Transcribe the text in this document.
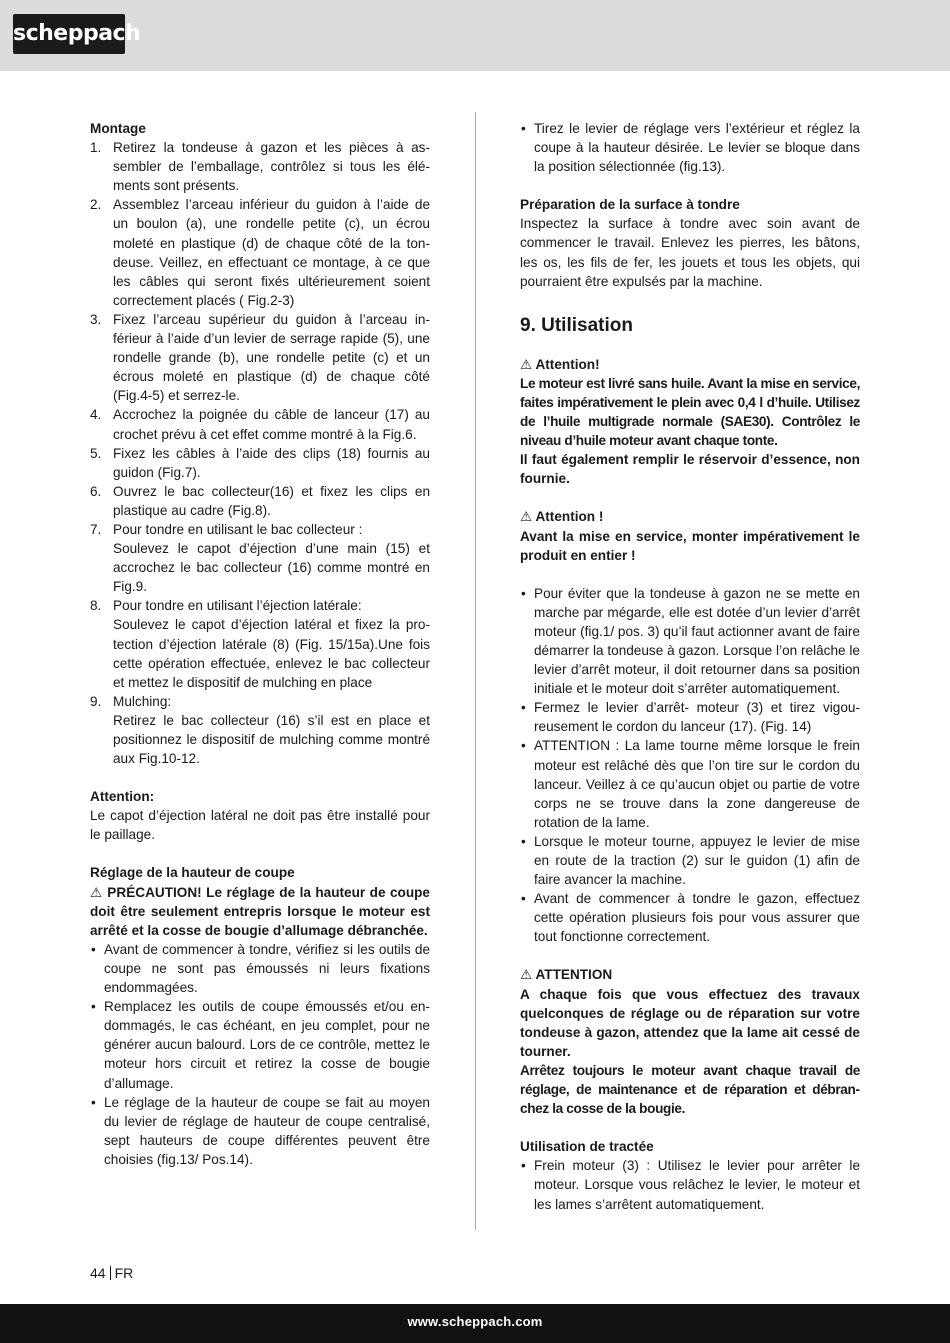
scheppach

Montage

1. Retirez la tondeuse à gazon et les pièces à assembler de l’emballage, contrôlez si tous les éléments sont présents.
2. Assemblez l’arceau inférieur du guidon à l’aide de un boulon (a), une rondelle petite (c), un écrou moleté en plastique (d) de chaque côté de la tondeuse. Veillez, en effectuant ce montage, à ce que les câbles qui seront fixés ultérieurement soient correctement placés ( Fig.2-3)
3. Fixez l’arceau supérieur du guidon à l’arceau inférieur à l’aide d’un levier de serrage rapide (5), une rondelle grande (b), une rondelle petite (c) et un écrous moleté en plastique (d) de chaque côté (Fig.4-5) et serrez-le.
4. Accrochez la poignée du câble de lanceur (17) au crochet prévu à cet effet comme montré à la Fig.6.
5. Fixez les câbles à l’aide des clips (18) fournis au guidon (Fig.7).
6. Ouvrez le bac collecteur(16) et fixez les clips en plastique au cadre (Fig.8).
7. Pour tondre en utilisant le bac collecteur :
Soulevez le capot d’éjection d’une main (15) et accrochez le bac collecteur (16) comme montré en Fig.9.
8. Pour tondre en utilisant l’éjection latérale:
Soulevez le capot d’éjection latéral et fixez la protection d’éjection latérale (8) (Fig. 15/15a).Une fois cette opération effectuée, enlevez le bac collecteur et mettez le dispositif de mulching en place
9. Mulching:
Retirez le bac collecteur (16) s’il est en place et positionnez le dispositif de mulching comme montré aux Fig.10-12.

Attention:

Le capot d’éjection latéral ne doit pas être installé pour le paillage.

Réglage de la hauteur de coupe

⚠ PRÉCAUTION! Le réglage de la hauteur de coupe doit être seulement entrepris lorsque le moteur est arrêté et la cosse de bougie d’allumage débranchée.

• Avant de commencer à tondre, vérifiez si les outils de coupe ne sont pas émoussés ni leurs fixations endommagées.
• Remplacez les outils de coupe émoussés et/ou endommagés, le cas échéant, en jeu complet, pour ne générer aucun balourd. Lors de ce contrôle, mettez le moteur hors circuit et retirez la cosse de bougie d’allumage.
• Le réglage de la hauteur de coupe se fait au moyen du levier de réglage de hauteur de coupe centralisé, sept hauteurs de coupe différentes peuvent être choisies (fig.13/ Pos.14).
• Tirez le levier de réglage vers l’extérieur et réglez la coupe à la hauteur désirée. Le levier se bloque dans la position sélectionnée (fig.13).

Préparation de la surface à tondre

Inspectez la surface à tondre avec soin avant de commencer le travail. Enlevez les pierres, les bâtons, les os, les fils de fer, les jouets et tous les objets, qui pourraient être expulsés par la machine.

9. Utilisation

⚠ Attention!

Le moteur est livré sans huile. Avant la mise en service, faites impérativement le plein avec 0,4 l d’huile. Utilisez de l’huile multigrade normale (SAE30). Contrôlez le niveau d’huile moteur avant chaque tonte.

Il faut également remplir le réservoir d’essence, non fournie.

⚠ Attention !

Avant la mise en service, monter impérativement le produit en entier !

• Pour éviter que la tondeuse à gazon ne se mette en marche par mégarde, elle est dotée d’un levier d’arrêt moteur (fig.1/ pos. 3) qu’il faut actionner avant de faire démarrer la tondeuse à gazon. Lorsque l’on relâche le levier d’arrêt moteur, il doit retourner dans sa position initiale et le moteur doit s’arrêter automatiquement.
• Fermez le levier d’arrêt- moteur (3) et tirez vigoureusement le cordon du lanceur (17). (Fig. 14)
• ATTENTION : La lame tourne même lorsque le frein moteur est relâché dès que l’on tire sur le cordon du lanceur. Veillez à ce qu’aucun objet ou partie de votre corps ne se trouve dans la zone dangereuse de rotation de la lame.
• Lorsque le moteur tourne, appuyez le levier de mise en route de la traction (2) sur le guidon (1) afin de faire avancer la machine.
• Avant de commencer à tondre le gazon, effectuez cette opération plusieurs fois pour vous assurer que tout fonctionne correctement.

⚠ ATTENTION

A chaque fois que vous effectuez des travaux quelconques de réglage ou de réparation sur votre tondeuse à gazon, attendez que la lame ait cessé de tourner.

Arrêtez toujours le moteur avant chaque travail de réglage, de maintenance et de réparation et débranchez la cosse de la bougie.

Utilisation de tractée

• Frein moteur (3) : Utilisez le levier pour arrêter le moteur. Lorsque vous relâchez le levier, le moteur et les lames s’arrêtent automatiquement.
44 FR
www.scheppach.com
